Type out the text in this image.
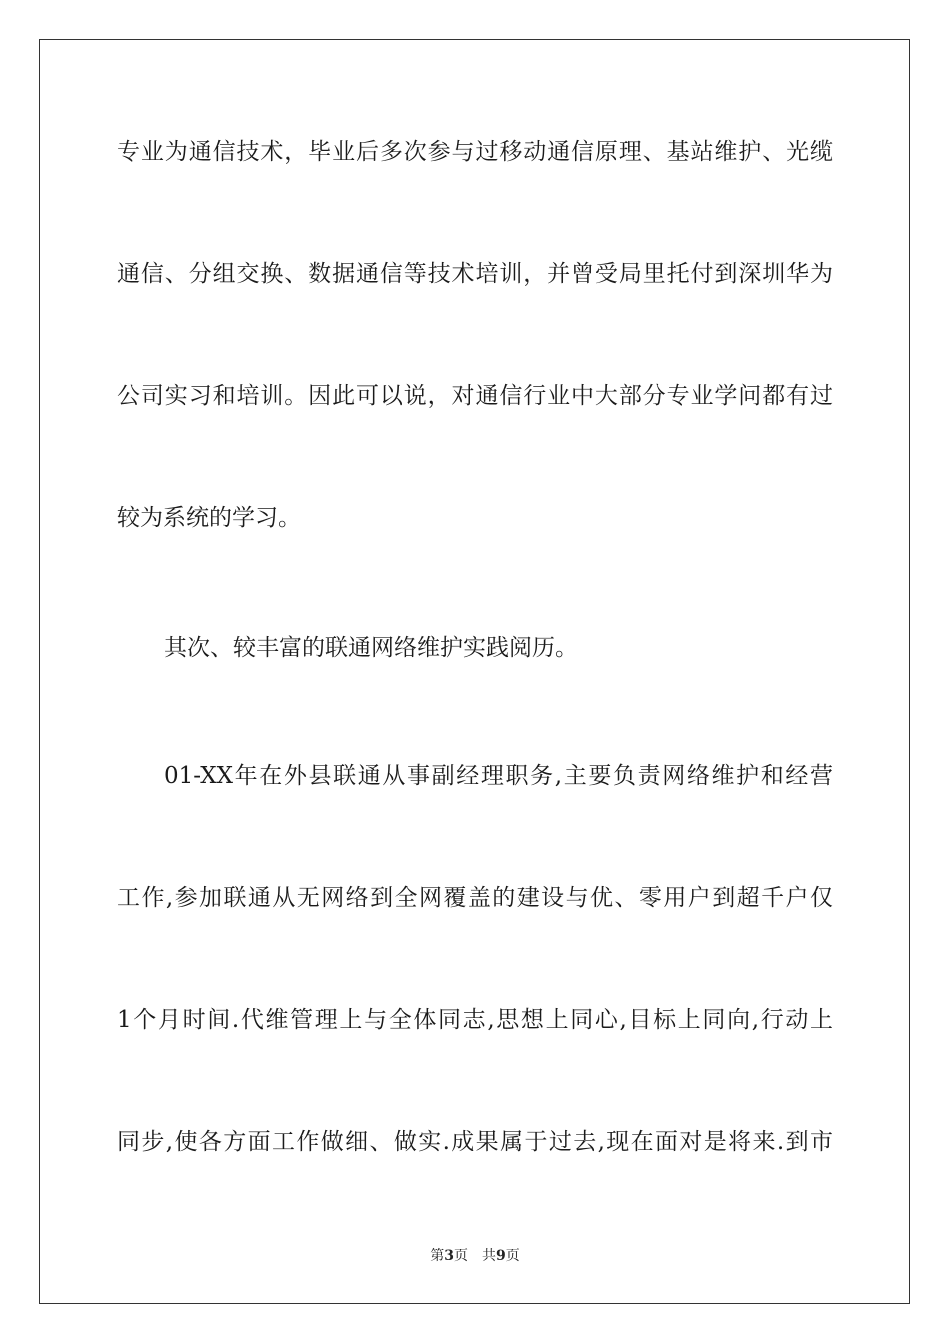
专业为通信技术，毕业后多次参与过移动通信原理、基站维护、光缆
通信、分组交换、数据通信等技术培训，并曾受局里托付到深圳华为
公司实习和培训。因此可以说，对通信行业中大部分专业学问都有过
较为系统的学习。
其次、较丰富的联通网络维护实践阅历。
01-XX年在外县联通从事副经理职务,主要负责网络维护和经营
工作,参加联通从无网络到全网覆盖的建设与优、零用户到超千户仅
1个月时间.代维管理上与全体同志,思想上同心,目标上同向,行动上
同步,使各方面工作做细、做实.成果属于过去,现在面对是将来.到市
第3页 共9页
